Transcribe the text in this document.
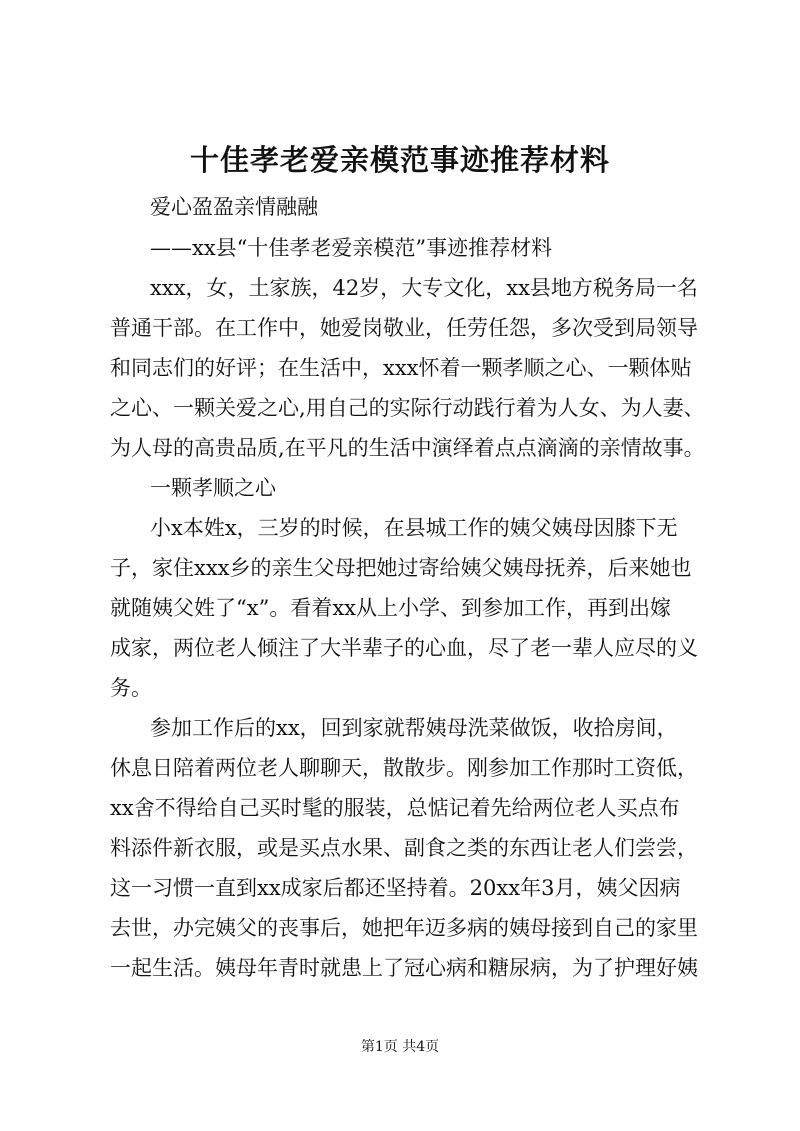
十佳孝老爱亲模范事迹推荐材料
爱心盈盈亲情融融
——xx县“十佳孝老爱亲模范”事迹推荐材料
xxx，女，土家族，42岁，大专文化，xx县地方税务局一名
普通干部。在工作中，她爱岗敬业，任劳任怨，多次受到局领导
和同志们的好评；在生活中，xxx怀着一颗孝顺之心、一颗体贴
之心、一颗关爱之心,用自己的实际行动践行着为人女、为人妻、
为人母的高贵品质,在平凡的生活中演绎着点点滴滴的亲情故事。
一颗孝顺之心
小x本姓x，三岁的时候，在县城工作的姨父姨母因膝下无
子，家住xxx乡的亲生父母把她过寄给姨父姨母抚养，后来她也
就随姨父姓了“x”。看着xx从上小学、到参加工作，再到出嫁
成家，两位老人倾注了大半辈子的心血，尽了老一辈人应尽的义
务。
参加工作后的xx，回到家就帮姨母洗菜做饭，收拾房间，
休息日陪着两位老人聊聊天，散散步。刚参加工作那时工资低，
xx舍不得给自己买时髦的服装，总惦记着先给两位老人买点布
料添件新衣服，或是买点水果、副食之类的东西让老人们尝尝，
这一习惯一直到xx成家后都还坚持着。20xx年3月，姨父因病
去世，办完姨父的丧事后，她把年迈多病的姨母接到自己的家里
一起生活。姨母年青时就患上了冠心病和糖尿病，为了护理好姨
第1页 共4页
